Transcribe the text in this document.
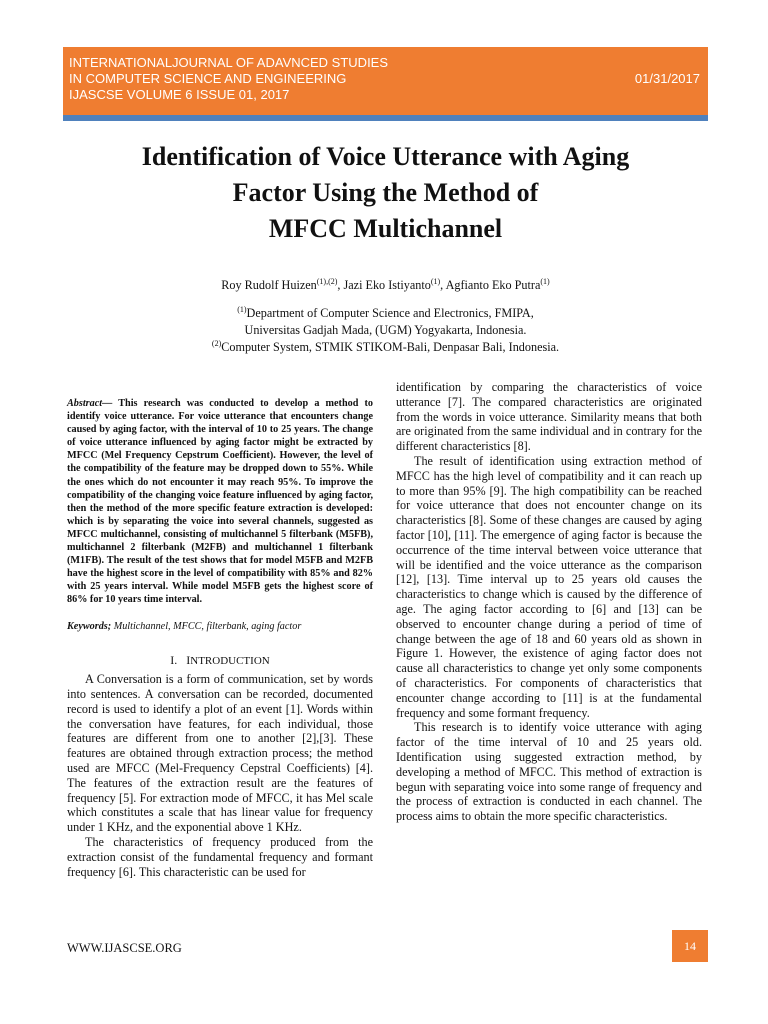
INTERNATIONALJOURNAL OF ADAVNCED STUDIES
IN COMPUTER SCIENCE AND ENGINEERING
IJASCSE VOLUME 6 ISSUE 01, 2017

01/31/2017
Identification of Voice Utterance with Aging
Factor Using the Method of
MFCC Multichannel
Roy Rudolf Huizen$^{(1),(2)}$, Jazi Eko Istiyanto$^{(1)}$, Agfianto Eko Putra$^{(1)}$
$^{(1)}$Department of Computer Science and Electronics, FMIPA,
Universitas Gadjah Mada, (UGM) Yogyakarta, Indonesia.
$^{(2)}$Computer System, STMIK STIKOM-Bali, Denpasar Bali, Indonesia.

Abstract— This research was conducted to develop a method to identify voice utterance. For voice utterance that encounters change caused by aging factor, with the interval of 10 to 25 years. The change of voice utterance influenced by aging factor might be extracted by MFCC (Mel Frequency Cepstrum Coefficient). However, the level of the compatibility of the feature may be dropped down to 55%. While the ones which do not encounter it may reach 95%. To improve the compatibility of the changing voice feature influenced by aging factor, then the method of the more specific feature extraction is developed: which is by separating the voice into several channels, suggested as MFCC multichannel, consisting of multichannel 5 filterbank (M5FB), multichannel 2 filterbank (M2FB) and multichannel 1 filterbank (M1FB). The result of the test shows that for model M5FB and M2FB have the highest score in the level of compatibility with 85% and 82% with 25 years interval. While model M5FB gets the highest score of 86% for 10 years time interval.

Keywords; Multichannel, MFCC, filterbank, aging factor

I. INTRODUCTION

A Conversation is a form of communication, set by words into sentences. A conversation can be recorded, documented record is used to identify a plot of an event [1]. Words within the conversation have features, for each individual, those features are different from one to another [2],[3]. These features are obtained through extraction process; the method used are MFCC (Mel-Frequency Cepstral Coefficients) [4]. The features of the extraction result are the features of frequency [5]. For extraction mode of MFCC, it has Mel scale which constitutes a scale that has linear value for frequency under 1 KHz, and the exponential above 1 KHz.

The characteristics of frequency produced from the extraction consist of the fundamental frequency and formant frequency [6]. This characteristic can be used for

identification by comparing the characteristics of voice utterance [7]. The compared characteristics are originated from the words in voice utterance. Similarity means that both are originated from the same individual and in contrary for the different characteristics [8].

The result of identification using extraction method of MFCC has the high level of compatibility and it can reach up to more than 95% [9]. The high compatibility can be reached for voice utterance that does not encounter change on its characteristics [8]. Some of these changes are caused by aging factor [10], [11]. The emergence of aging factor is because the occurrence of the time interval between voice utterance that will be identified and the voice utterance as the comparison [12], [13]. Time interval up to 25 years old causes the characteristics to change which is caused by the difference of age. The aging factor according to [6] and [13] can be observed to encounter change during a period of time of change between the age of 18 and 60 years old as shown in Figure 1. However, the existence of aging factor does not cause all characteristics to change yet only some components of characteristics. For components of characteristics that encounter change according to [11] is at the fundamental frequency and some formant frequency.

This research is to identify voice utterance with aging factor of the time interval of 10 and 25 years old. Identification using suggested extraction method, by developing a method of MFCC. This method of extraction is begun with separating voice into some range of frequency and the process of extraction is conducted in each channel. The process aims to obtain the more specific characteristics.

WWW.IJASCSE.ORG	14
